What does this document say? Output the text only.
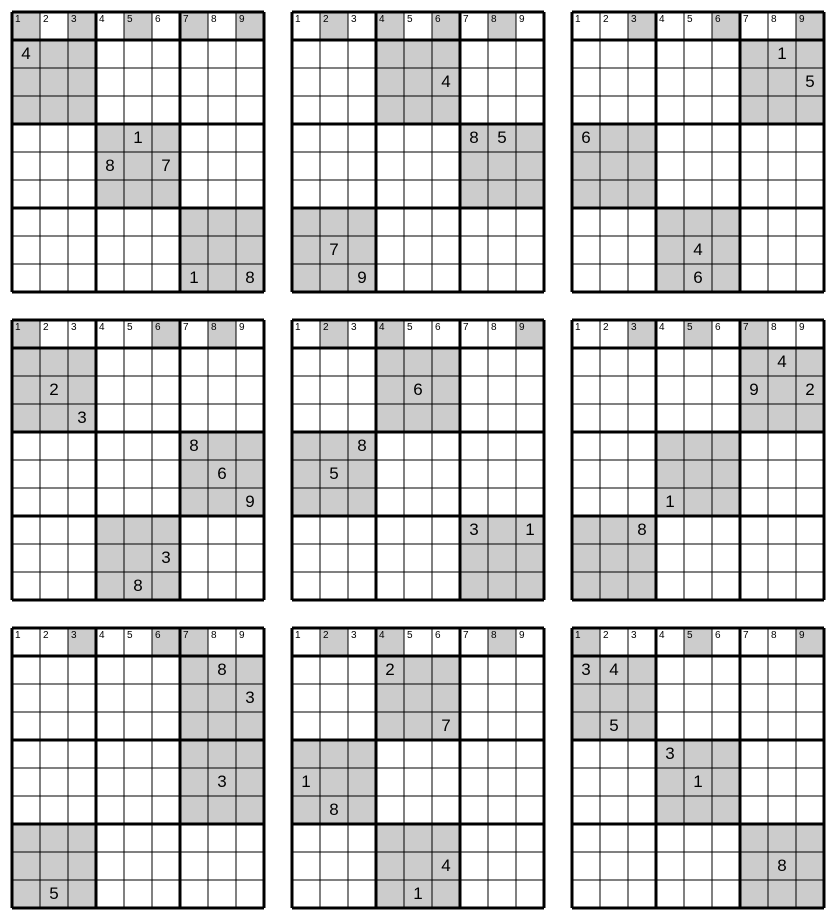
1	2	3	4	5	6	7	8	9
4
1
8	7
1	8
1	2	3	4	5	6	7	8	9
4
8	5
7
9
1	2	3	4	5	6	7	8	9
1
5
6
4
6
1	2	3	4	5	6	7	8	9
2
3
8
6
9
3
8
1	2	3	4	5	6	7	8	9
6
8
5
3	1
1	2	3	4	5	6	7	8	9
4
9	2
1
8
1	2	3	4	5	6	7	8	9
8
3
3
5
1	2	3	4	5	6	7	8	9
2
7
1
8
4
1
1	2	3	4	5	6	7	8	9
3	4
5
3
1
8
